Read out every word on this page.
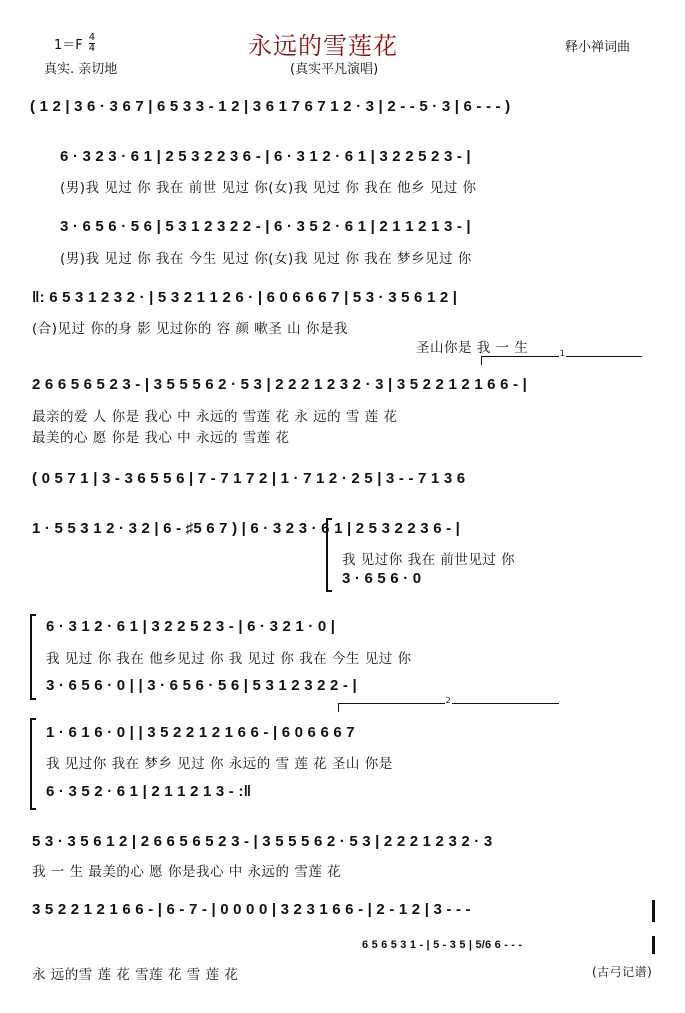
$1=F \frac{4}{4}$	永远的雪莲花	释小禅词曲
真实. 亲切地	(真实平凡演唱)
( 1 2 | 3 6 · 3 6 7 | 6 5 3 3 - 1 2 | 3 6 1 7 6 7 1 2 · 3 | 2 - - 5 · 3 | 6 - - - )
6 · 3 2 3 · 6 1 | 2 5 3 2 2 3 6 - | 6 · 3 1 2 · 6 1 | 3 2 2 5 2 3 - |
(男)我 见过 你 我在 前世 见过 你(女)我 见过 你 我在 他乡 见过 你
3 · 6 5 6 · 5 6 | 5 3 1 2 3 2 2 - | 6 · 3 5 2 · 6 1 | 2 1 1 2 1 3 - |
(男)我 见过 你 我在 今生 见过 你(女)我 见过 你 我在 梦乡见过 你
‖: 6 5 3 1 2 3 2 · | 5 3 2 1 1 2 6 · | 6 0 6 6 6 7 | 5 3 · 3 5 6 1 2 |
(合)见过 你的身 影 见过你的 容 颜 嗽圣 山 你是我
圣山你是 我 一 生	1
2 6 6 5 6 5 2 3 - | 3 5 5 5 6 2 · 5 3 | 2 2 2 1 2 3 2 · 3 | 3 5 2 2 1 2 1 6 6 - |
最亲的爱 人 你是 我心 中 永远的 雪莲 花 永 远的 雪 莲 花
最美的心 愿 你是 我心 中 永远的 雪莲 花
( 0 5 7 1 | 3 - 3 6 5 5 6 | 7 - 7 1 7 2 | 1 · 7 1 2 · 2 5 | 3 - - 7 1 3 6
1 · 5 5 3 1 2 · 3 2 | 6 - ♯5 6 7 ) | 6 · 3 2 3 · 6 1 | 2 5 3 2 2 3 6 - |
我 见过你 我在 前世见过 你
3 · 6 5 6 · 0
6 · 3 1 2 · 6 1 | 3 2 2 5 2 3 - | 6 · 3 2 1 · 0 |
我 见过 你 我在 他乡见过 你 我 见过 你 我在 今生 见过 你
3 · 6 5 6 · 0 | | 3 · 6 5 6 · 5 6 | 5 3 1 2 3 2 2 - |
2
1 · 6 1 6 · 0 | | 3 5 2 2 1 2 1 6 6 - | 6 0 6 6 6 7
我 见过你 我在 梦乡 见过 你 永远的 雪 莲 花 圣山 你是
6 · 3 5 2 · 6 1 | 2 1 1 2 1 3 - :‖
5 3 · 3 5 6 1 2 | 2 6 6 5 6 5 2 3 - | 3 5 5 5 6 2 · 5 3 | 2 2 2 1 2 3 2 · 3
我 一 生 最美的心 愿 你是我心 中 永远的 雪莲 花
3 5 2 2 1 2 1 6 6 - | 6 - 7 - | 0 0 0 0 | 3 2 3 1 6 6 - | 2 - 1 2 | 3 - - -
6 5 6 5 3 1 - | 5 - 3 5 | 5/6 6 - - -
永 远的雪 莲 花 雪莲 花 雪 莲 花	(古弓记谱)
